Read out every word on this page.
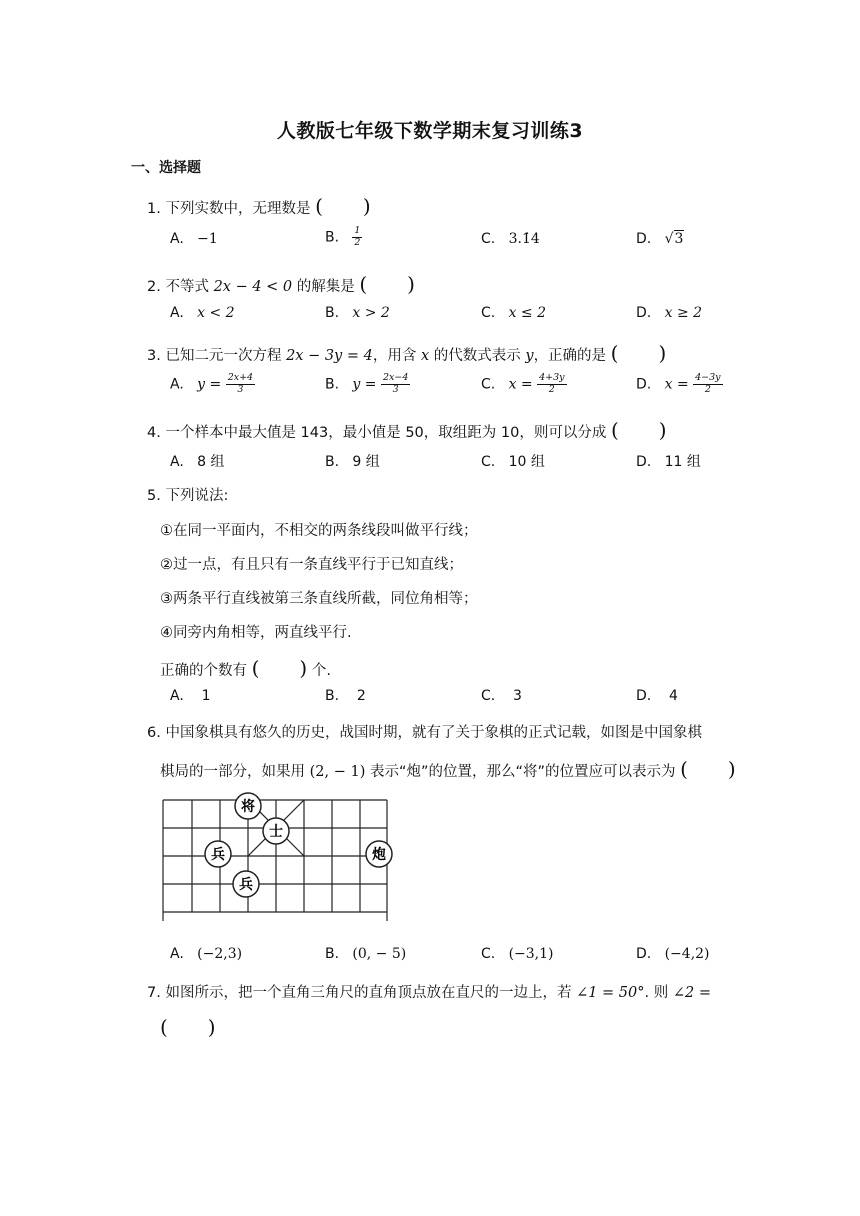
人教版七年级下数学期末复习训练3
一、选择题
1. 下列实数中，无理数是 (　　)
A. −1	B. $\frac{1}{2}$	C. 3.1̇4̇	D. √3
2. 不等式 2x − 4 < 0 的解集是 (　　)
A.   x < 2	B.   x > 2	C.   x ≤ 2	D.   x ≥ 2
3. 已知二元一次方程 2x − 3y = 4，用含 x 的代数式表示 y，正确的是 (　　)
A.   $y = \frac{2x+4}{3}$	B.   $y = \frac{2x-4}{3}$	C.   $x = \frac{4+3y}{2}$	D.   $x = \frac{4-3y}{2}$
4. 一个样本中最大值是 143，最小值是 50，取组距为 10，则可以分成 (　　)
A.   8 组	B.   9 组	C.   10 组	D.   11 组
5. 下列说法:
①在同一平面内，不相交的两条线段叫做平行线；
②过一点，有且只有一条直线平行于已知直线；
③两条平行直线被第三条直线所截，同位角相等；
④同旁内角相等，两直线平行.
正确的个数有 (　　) 个.
A.    1	B.    2	C.    3	D.    4
6. 中国象棋具有悠久的历史，战国时期，就有了关于象棋的正式记载，如图是中国象棋
棋局的一部分，如果用 (2, − 1) 表示“炮”的位置，那么“将”的位置应可以表示为 (　　)
将
士
兵	炮
兵
A.   (−2,3)	B.   (0, − 5)	C.   (−3,1)	D.   (−4,2)
7. 如图所示，把一个直角三角尺的直角顶点放在直尺的一边上，若 ∠1 = 50°. 则 ∠2 =
(　　)
